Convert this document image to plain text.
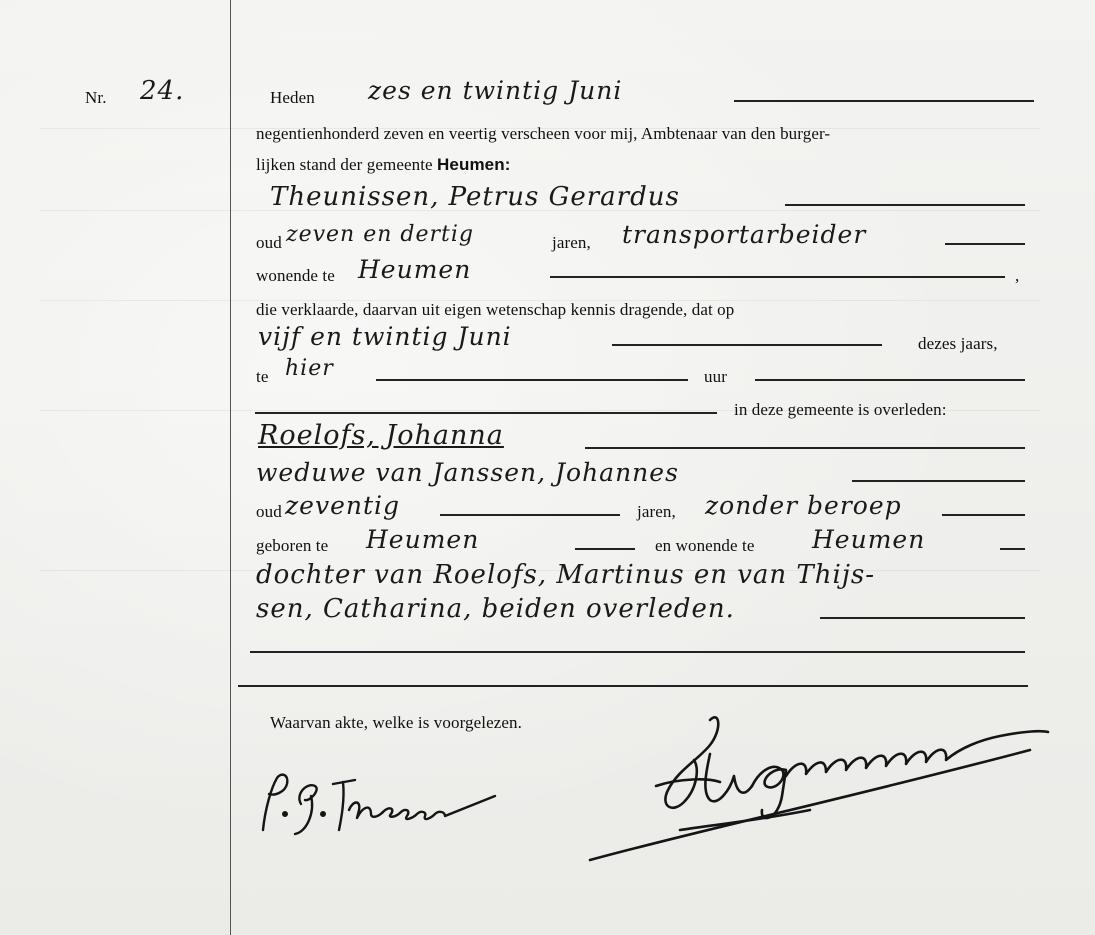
Nr. 24.	Heden zes en twintig Juni
negentienhonderd zeven en veertig verscheen voor mij, Ambtenaar van den burger-
lijken stand der gemeente Heumen:
Theunissen, Petrus Gerardus
oud zeven en dertig	jaren, transportarbeider
wonende te Heumen	,
die verklaarde, daarvan uit eigen wetenschap kennis dragende, dat op
vijf en twintig Juni	dezes jaars,
te hier	uur
in deze gemeente is overleden:
Roelofs, Johanna
weduwe van Janssen, Johannes
oud zeventig	jaren, zonder beroep
geboren te Heumen	en wonende te Heumen
dochter van Roelofs, Martinus en van Thijs-
sen, Catharina, beiden overleden.
Waarvan akte, welke is voorgelezen.
